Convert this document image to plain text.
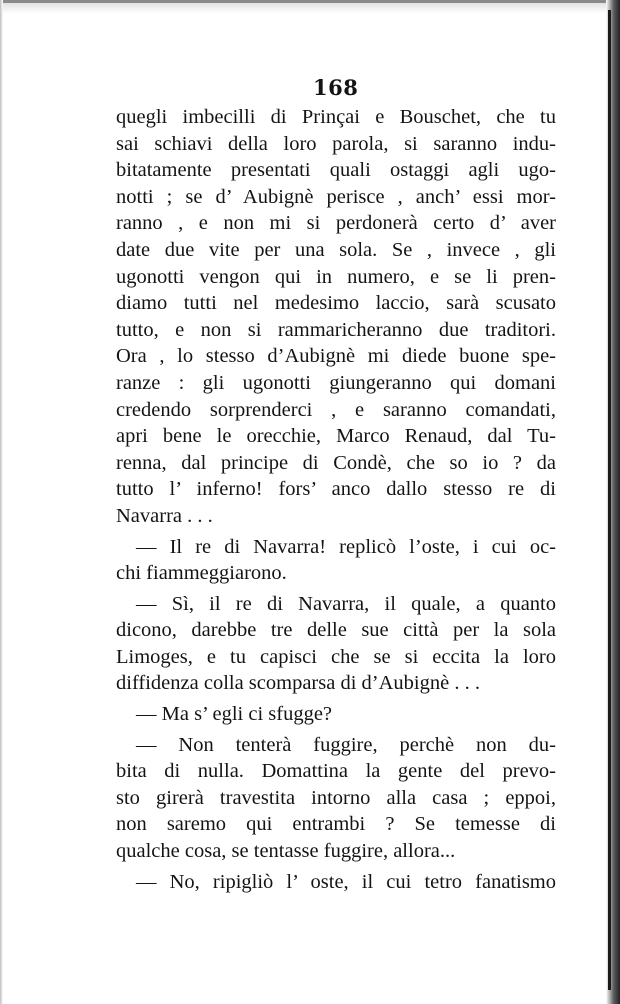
168
quegli imbecilli di Prinçai e Bouschet, che tu
sai schiavi della loro parola, si saranno indu-
bitatamente presentati quali ostaggi agli ugo-
notti ; se d’ Aubignè perisce , anch’ essi mor-
ranno , e non mi si perdonerà certo d’ aver
date due vite per una sola. Se , invece , gli
ugonotti vengon qui in numero, e se li pren-
diamo tutti nel medesimo laccio, sarà scusato
tutto, e non si rammaricheranno due traditori.
Ora , lo stesso d’Aubignè mi diede buone spe-
ranze : gli ugonotti giungeranno qui domani
credendo sorprenderci , e saranno comandati,
apri bene le orecchie, Marco Renaud, dal Tu-
renna, dal principe di Condè, che so io ? da
tutto l’ inferno! fors’ anco dallo stesso re di
Navarra . . .
— Il re di Navarra! replicò l’oste, i cui oc-
chi fiammeggiarono.
— Sì, il re di Navarra, il quale, a quanto
dicono, darebbe tre delle sue città per la sola
Limoges, e tu capisci che se si eccita la loro
diffidenza colla scomparsa di d’Aubignè . . .
— Ma s’ egli ci sfugge?
— Non tenterà fuggire, perchè non du-
bita di nulla. Domattina la gente del prevo-
sto girerà travestita intorno alla casa ; eppoi,
non saremo qui entrambi ? Se temesse di
qualche cosa, se tentasse fuggire, allora...
— No, ripigliò l’ oste, il cui tetro fanatismo
